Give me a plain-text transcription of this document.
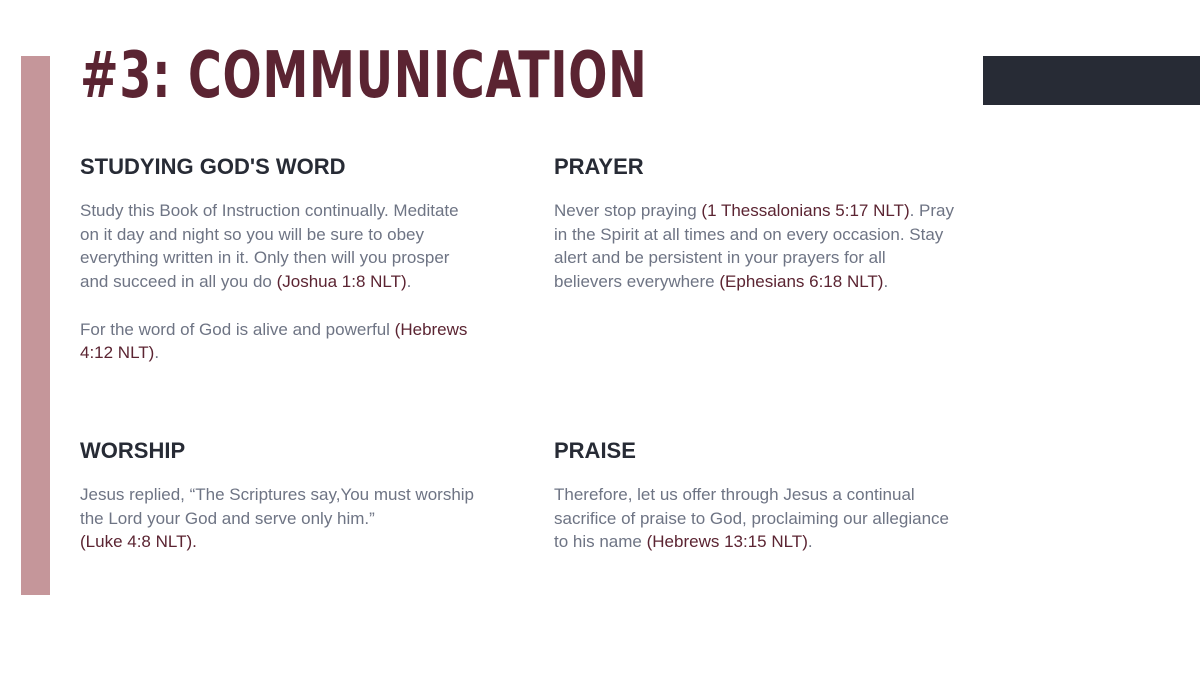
#3: COMMUNICATION
STUDYING GOD'S WORD

Study this Book of Instruction continually. Meditate on it day and night so you will be sure to obey everything written in it. Only then will you prosper and succeed in all you do (Joshua 1:8 NLT).

For the word of God is alive and powerful (Hebrews 4:12 NLT).

PRAYER

Never stop praying (1 Thessalonians 5:17 NLT). Pray in the Spirit at all times and on every occasion. Stay alert and be persistent in your prayers for all believers everywhere (Ephesians 6:18 NLT).

WORSHIP

Jesus replied, “The Scriptures say,You must worship the Lord your God and serve only him.”
(Luke 4:8 NLT).

PRAISE

Therefore, let us offer through Jesus a continual sacrifice of praise to God, proclaiming our allegiance to his name (Hebrews 13:15 NLT).
